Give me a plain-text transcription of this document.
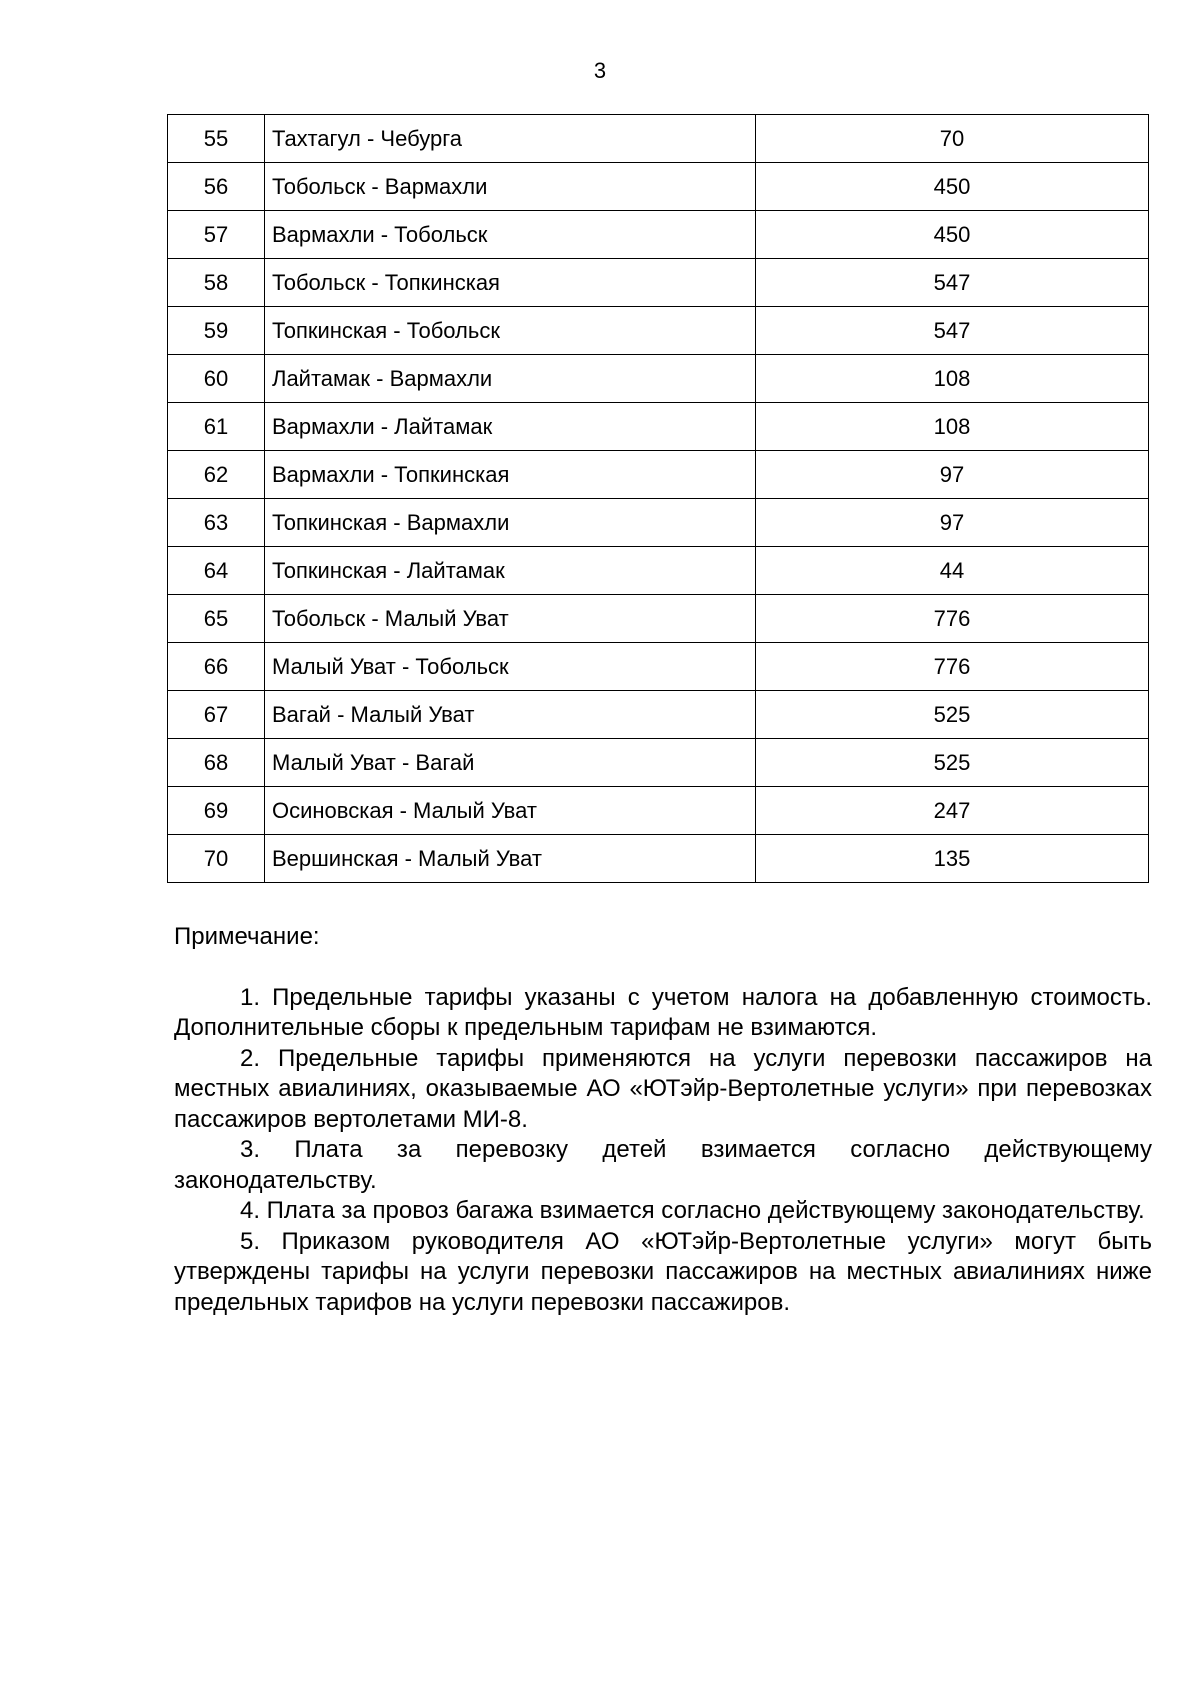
3
55	Тахтагул - Чебурга	70
56	Тобольск - Вармахли	450
57	Вармахли - Тобольск	450
58	Тобольск - Топкинская	547
59	Топкинская - Тобольск	547
60	Лайтамак - Вармахли	108
61	Вармахли - Лайтамак	108
62	Вармахли - Топкинская	97
63	Топкинская - Вармахли	97
64	Топкинская - Лайтамак	44
65	Тобольск - Малый Уват	776
66	Малый Уват - Тобольск	776
67	Вагай - Малый Уват	525
68	Малый Уват - Вагай	525
69	Осиновская - Малый Уват	247
70	Вершинская - Малый Уват	135

Примечание:

1. Предельные тарифы указаны с учетом налога на добавленную стоимость. Дополнительные сборы к предельным тарифам не взимаются.

2. Предельные тарифы применяются на услуги перевозки пассажиров на местных авиалиниях, оказываемые АО «ЮТэйр-Вертолетные услуги» при перевозках пассажиров вертолетами МИ-8.

3. Плата за перевозку детей взимается согласно действующему законодательству.

4. Плата за провоз багажа взимается согласно действующему законодательству.

5. Приказом руководителя АО «ЮТэйр-Вертолетные услуги» могут быть утверждены тарифы на услуги перевозки пассажиров на местных авиалиниях ниже предельных тарифов на услуги перевозки пассажиров.
